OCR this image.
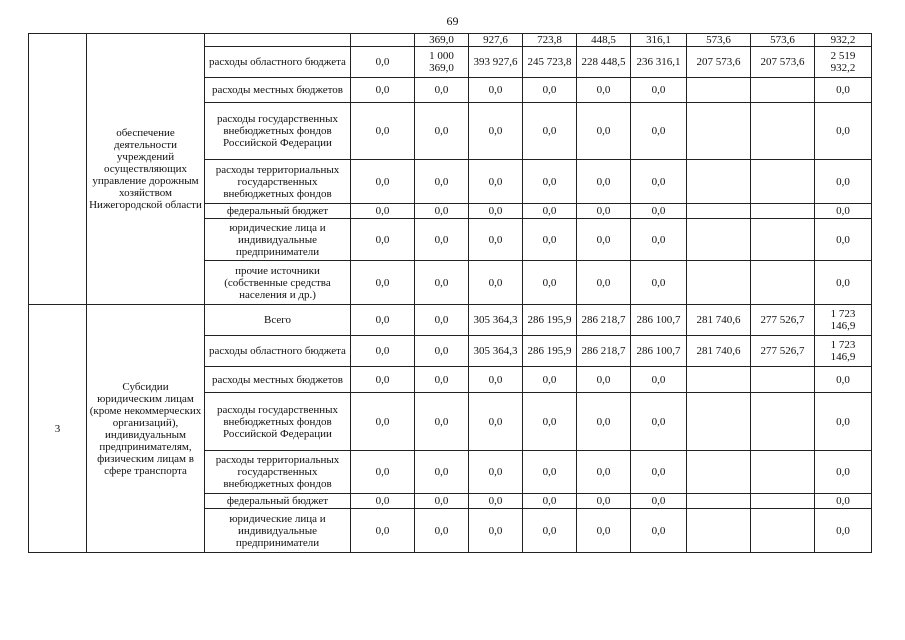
69
	обеспечение деятельности учреждений осуществляющих управление дорожным хозяйством Нижегородской области			369,0	927,6	723,8	448,5	316,1	573,6	573,6	932,2
		расходы областного бюджета	0,0	1 000 369,0	393 927,6	245 723,8	228 448,5	236 316,1	207 573,6	207 573,6	2 519 932,2
		расходы местных бюджетов	0,0	0,0	0,0	0,0	0,0	0,0			0,0
		расходы государственных внебюджетных фондов Российской Федерации	0,0	0,0	0,0	0,0	0,0	0,0			0,0
		расходы территориальных государственных внебюджетных фондов	0,0	0,0	0,0	0,0	0,0	0,0			0,0
		федеральный бюджет	0,0	0,0	0,0	0,0	0,0	0,0			0,0
		юридические лица и индивидуальные предприниматели	0,0	0,0	0,0	0,0	0,0	0,0			0,0
		прочие источники (собственные средства населения и др.)	0,0	0,0	0,0	0,0	0,0	0,0			0,0
3	Субсидии юридическим лицам (кроме некоммерческих организаций), индивидуальным предпринимателям, физическим лицам в сфере транспорта	Всего	0,0	0,0	305 364,3	286 195,9	286 218,7	286 100,7	281 740,6	277 526,7	1 723 146,9
		расходы областного бюджета	0,0	0,0	305 364,3	286 195,9	286 218,7	286 100,7	281 740,6	277 526,7	1 723 146,9
		расходы местных бюджетов	0,0	0,0	0,0	0,0	0,0	0,0			0,0
		расходы государственных внебюджетных фондов Российской Федерации	0,0	0,0	0,0	0,0	0,0	0,0			0,0
		расходы территориальных государственных внебюджетных фондов	0,0	0,0	0,0	0,0	0,0	0,0			0,0
		федеральный бюджет	0,0	0,0	0,0	0,0	0,0	0,0			0,0
		юридические лица и индивидуальные предприниматели	0,0	0,0	0,0	0,0	0,0	0,0			0,0
